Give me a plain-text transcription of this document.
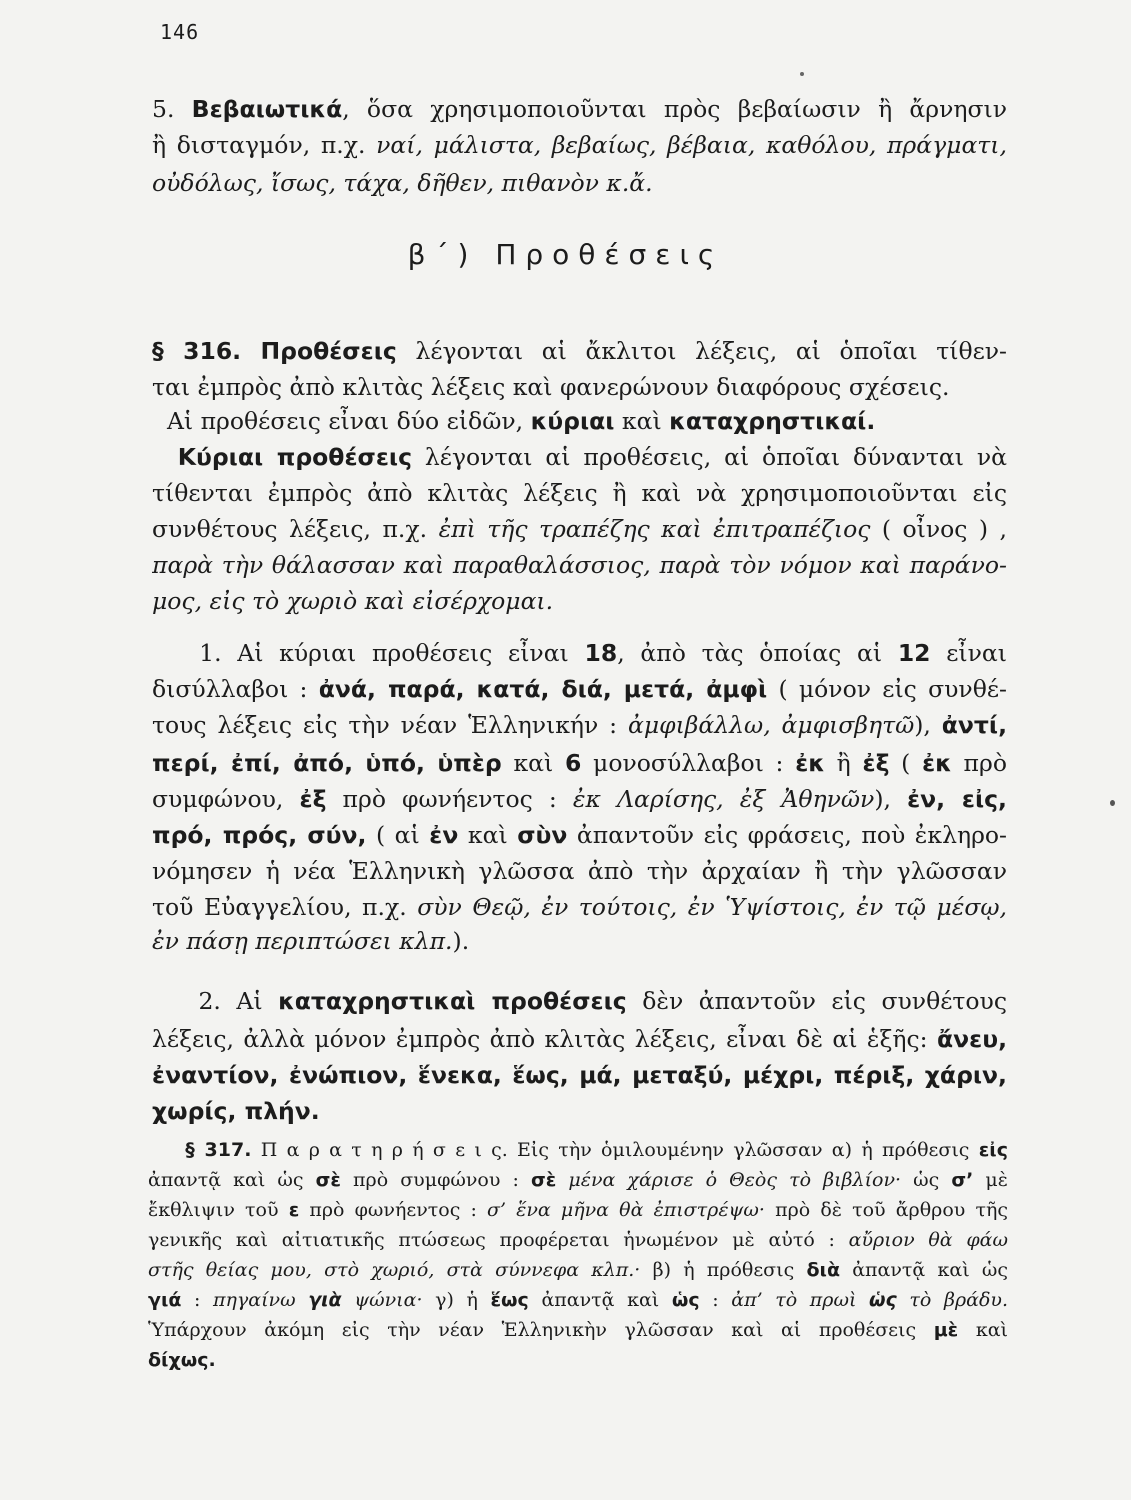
146
5. Βεβαιωτικά, ὅσα χρησιμοποιοῦνται πρὸς βεβαίωσιν ἢ ἄρνησιν
ἢ δισταγμόν, π.χ. ναί, μάλιστα, βεβαίως, βέβαια, καθόλου, πράγματι,
οὐδόλως, ἴσως, τάχα, δῆθεν, πιθανὸν κ.ἄ.
β΄) Προθέσεις
§ 316. Προθέσεις λέγονται αἱ ἄκλιτοι λέξεις, αἱ ὁποῖαι τίθεν-
ται ἐμπρὸς ἀπὸ κλιτὰς λέξεις καὶ φανερώνουν διαφόρους σχέσεις.
Αἱ προθέσεις εἶναι δύο εἰδῶν, κύριαι καὶ καταχρηστικαί.
Κύριαι προθέσεις λέγονται αἱ προθέσεις, αἱ ὁποῖαι δύνανται νὰ
τίθενται ἐμπρὸς ἀπὸ κλιτὰς λέξεις ἢ καὶ νὰ χρησιμοποιοῦνται εἰς
συνθέτους λέξεις, π.χ. ἐπὶ τῆς τραπέζης καὶ ἐπιτραπέζιος ( οἶνος ) ,
παρὰ τὴν θάλασσαν καὶ παραθαλάσσιος, παρὰ τὸν νόμον καὶ παράνο-
μος, εἰς τὸ χωριὸ καὶ εἰσέρχομαι.
1. Αἱ κύριαι προθέσεις εἶναι 18, ἀπὸ τὰς ὁποίας αἱ 12 εἶναι
δισύλλαβοι : ἀνά, παρά, κατά, διά, μετά, ἀμφὶ ( μόνον εἰς συνθέ-
τους λέξεις εἰς τὴν νέαν Ἑλληνικήν : ἀμφιβάλλω, ἀμφισβητῶ), ἀντί,
περί, ἐπί, ἀπό, ὑπό, ὑπὲρ καὶ 6 μονοσύλλαβοι : ἐκ ἢ ἐξ ( ἐκ πρὸ
συμφώνου, ἐξ πρὸ φωνήεντος : ἐκ Λαρίσης, ἐξ Ἀθηνῶν), ἐν, εἰς,
πρό, πρός, σύν, ( αἱ ἐν καὶ σὺν ἀπαντοῦν εἰς φράσεις, ποὺ ἐκληρο-
νόμησεν ἡ νέα Ἑλληνικὴ γλῶσσα ἀπὸ τὴν ἀρχαίαν ἢ τὴν γλῶσσαν
τοῦ Εὐαγγελίου, π.χ. σὺν Θεῷ, ἐν τούτοις, ἐν Ὑψίστοις, ἐν τῷ μέσῳ,
ἐν πάσῃ περιπτώσει κλπ.).
2. Αἱ καταχρηστικαὶ προθέσεις δὲν ἀπαντοῦν εἰς συνθέτους
λέξεις, ἀλλὰ μόνον ἐμπρὸς ἀπὸ κλιτὰς λέξεις, εἶναι δὲ αἱ ἑξῆς: ἄνευ,
ἐναντίον, ἐνώπιον, ἕνεκα, ἕως, μά, μεταξύ, μέχρι, πέριξ, χάριν,
χωρίς, πλήν.
§ 317. Π α ρ α τ η ρ ή σ ε ι ς. Εἰς τὴν ὁμιλουμένην γλῶσσαν α) ἡ πρόθεσις εἰς
ἀπαντᾷ καὶ ὡς σὲ πρὸ συμφώνου : σὲ μένα χάρισε ὁ Θεὸς τὸ βιβλίον· ὡς σ’ μὲ
ἔκθλιψιν τοῦ ε πρὸ φωνήεντος : σ’ ἕνα μῆνα θὰ ἐπιστρέψω· πρὸ δὲ τοῦ ἄρθρου τῆς
γενικῆς καὶ αἰτιατικῆς πτώσεως προφέρεται ἡνωμένον μὲ αὐτό : αὔριον θὰ φάω
στῆς θείας μου, στὸ χωριό, στὰ σύννεφα κλπ.· β) ἡ πρόθεσις διὰ ἀπαντᾷ καὶ ὡς
γιά : πηγαίνω γιὰ ψώνια· γ) ἡ ἕως ἀπαντᾷ καὶ ὡς : ἀπ’ τὸ πρωὶ ὡς τὸ βράδυ.
Ὑπάρχουν ἀκόμη εἰς τὴν νέαν Ἑλληνικὴν γλῶσσαν καὶ αἱ προθέσεις μὲ καὶ
δίχως.
